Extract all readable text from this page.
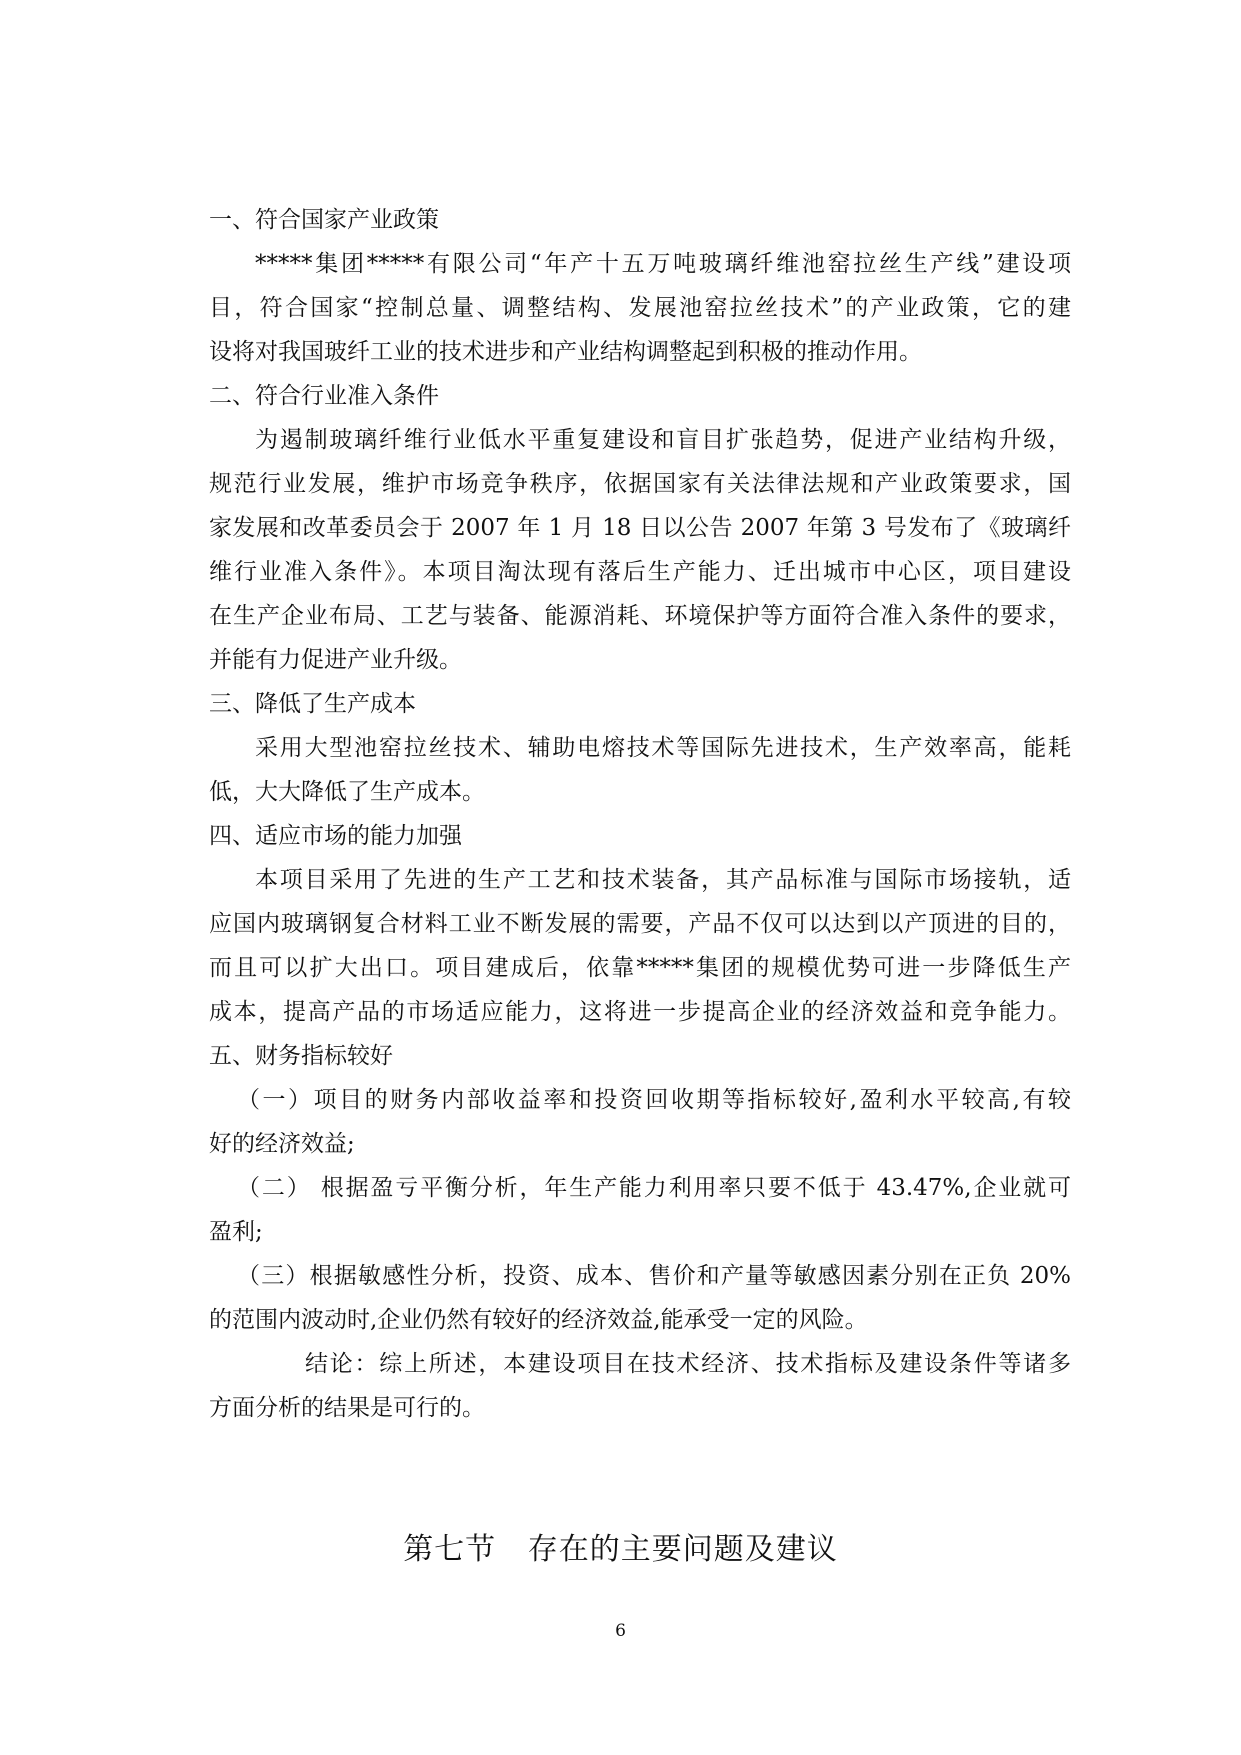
一、符合国家产业政策
*****集团*****有限公司“年产十五万吨玻璃纤维池窑拉丝生产线”建设项
目，符合国家“控制总量、调整结构、发展池窑拉丝技术”的产业政策，它的建
设将对我国玻纤工业的技术进步和产业结构调整起到积极的推动作用。
二、符合行业准入条件
为遏制玻璃纤维行业低水平重复建设和盲目扩张趋势，促进产业结构升级，
规范行业发展，维护市场竞争秩序，依据国家有关法律法规和产业政策要求，国
家发展和改革委员会于 2007 年 1 月 18 日以公告 2007 年第 3 号发布了《玻璃纤
维行业准入条件》。本项目淘汰现有落后生产能力、迁出城市中心区，项目建设
在生产企业布局、工艺与装备、能源消耗、环境保护等方面符合准入条件的要求，
并能有力促进产业升级。
三、降低了生产成本
采用大型池窑拉丝技术、辅助电熔技术等国际先进技术，生产效率高，能耗
低，大大降低了生产成本。
四、适应市场的能力加强
本项目采用了先进的生产工艺和技术装备，其产品标准与国际市场接轨，适
应国内玻璃钢复合材料工业不断发展的需要，产品不仅可以达到以产顶进的目的，
而且可以扩大出口。项目建成后，依靠*****集团的规模优势可进一步降低生产
成本，提高产品的市场适应能力，这将进一步提高企业的经济效益和竞争能力。
五、财务指标较好
（一）项目的财务内部收益率和投资回收期等指标较好,盈利水平较高,有较
好的经济效益;
（二） 根据盈亏平衡分析，年生产能力利用率只要不低于 43.47%,企业就可
盈利;
（三）根据敏感性分析，投资、成本、售价和产量等敏感因素分别在正负 20%
的范围内波动时,企业仍然有较好的经济效益,能承受一定的风险。
结论：综上所述，本建设项目在技术经济、技术指标及建设条件等诸多
方面分析的结果是可行的。
第七节   存在的主要问题及建议
6
